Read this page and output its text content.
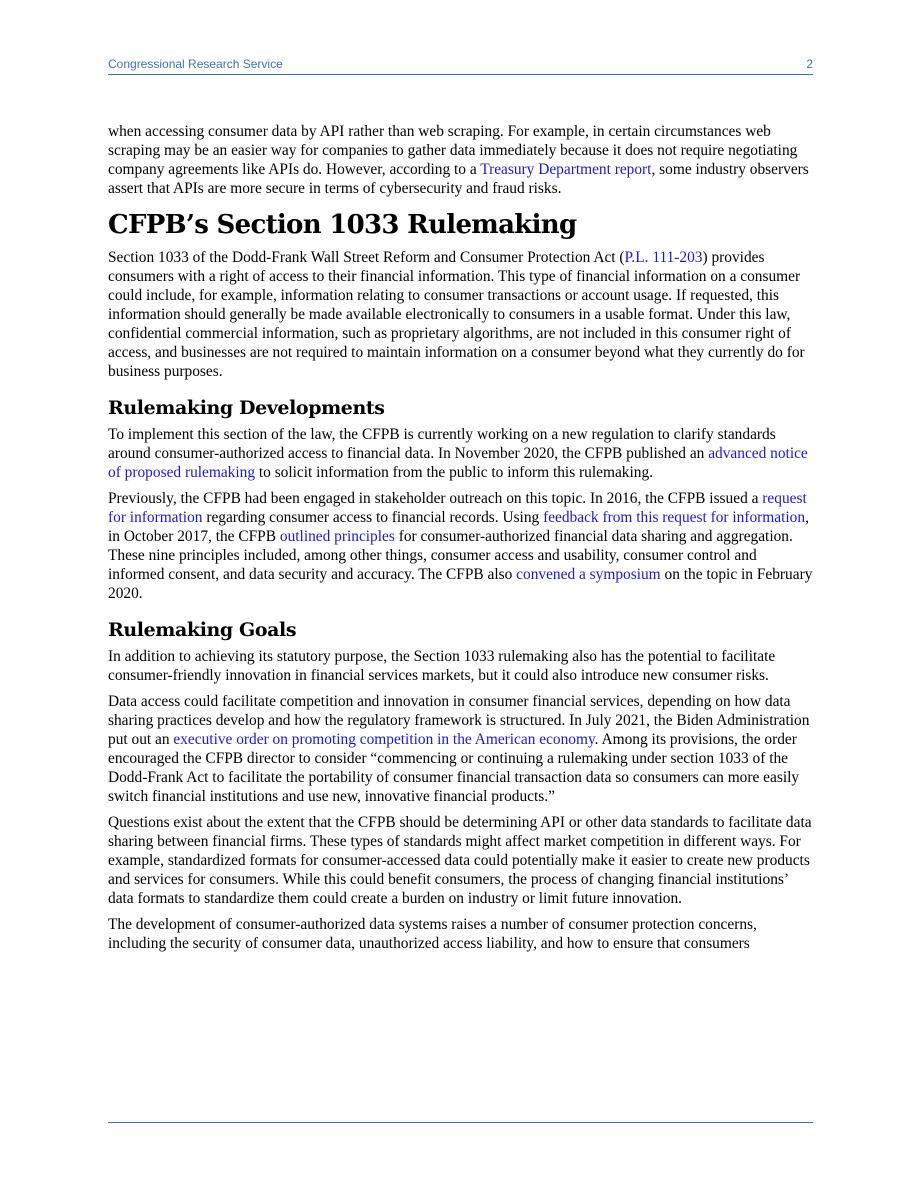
Congressional Research Service	2

when accessing consumer data by API rather than web scraping. For example, in certain circumstances web scraping may be an easier way for companies to gather data immediately because it does not require negotiating company agreements like APIs do. However, according to a Treasury Department report, some industry observers assert that APIs are more secure in terms of cybersecurity and fraud risks.

CFPB’s Section 1033 Rulemaking

Section 1033 of the Dodd-Frank Wall Street Reform and Consumer Protection Act (P.L. 111-203) provides consumers with a right of access to their financial information. This type of financial information on a consumer could include, for example, information relating to consumer transactions or account usage. If requested, this information should generally be made available electronically to consumers in a usable format. Under this law, confidential commercial information, such as proprietary algorithms, are not included in this consumer right of access, and businesses are not required to maintain information on a consumer beyond what they currently do for business purposes.

Rulemaking Developments

To implement this section of the law, the CFPB is currently working on a new regulation to clarify standards around consumer-authorized access to financial data. In November 2020, the CFPB published an advanced notice of proposed rulemaking to solicit information from the public to inform this rulemaking.

Previously, the CFPB had been engaged in stakeholder outreach on this topic. In 2016, the CFPB issued a request for information regarding consumer access to financial records. Using feedback from this request for information, in October 2017, the CFPB outlined principles for consumer-authorized financial data sharing and aggregation. These nine principles included, among other things, consumer access and usability, consumer control and informed consent, and data security and accuracy. The CFPB also convened a symposium on the topic in February 2020.

Rulemaking Goals

In addition to achieving its statutory purpose, the Section 1033 rulemaking also has the potential to facilitate consumer-friendly innovation in financial services markets, but it could also introduce new consumer risks.

Data access could facilitate competition and innovation in consumer financial services, depending on how data sharing practices develop and how the regulatory framework is structured. In July 2021, the Biden Administration put out an executive order on promoting competition in the American economy. Among its provisions, the order encouraged the CFPB director to consider “commencing or continuing a rulemaking under section 1033 of the Dodd-Frank Act to facilitate the portability of consumer financial transaction data so consumers can more easily switch financial institutions and use new, innovative financial products.”

Questions exist about the extent that the CFPB should be determining API or other data standards to facilitate data sharing between financial firms. These types of standards might affect market competition in different ways. For example, standardized formats for consumer-accessed data could potentially make it easier to create new products and services for consumers. While this could benefit consumers, the process of changing financial institutions’ data formats to standardize them could create a burden on industry or limit future innovation.

The development of consumer-authorized data systems raises a number of consumer protection concerns, including the security of consumer data, unauthorized access liability, and how to ensure that consumers
